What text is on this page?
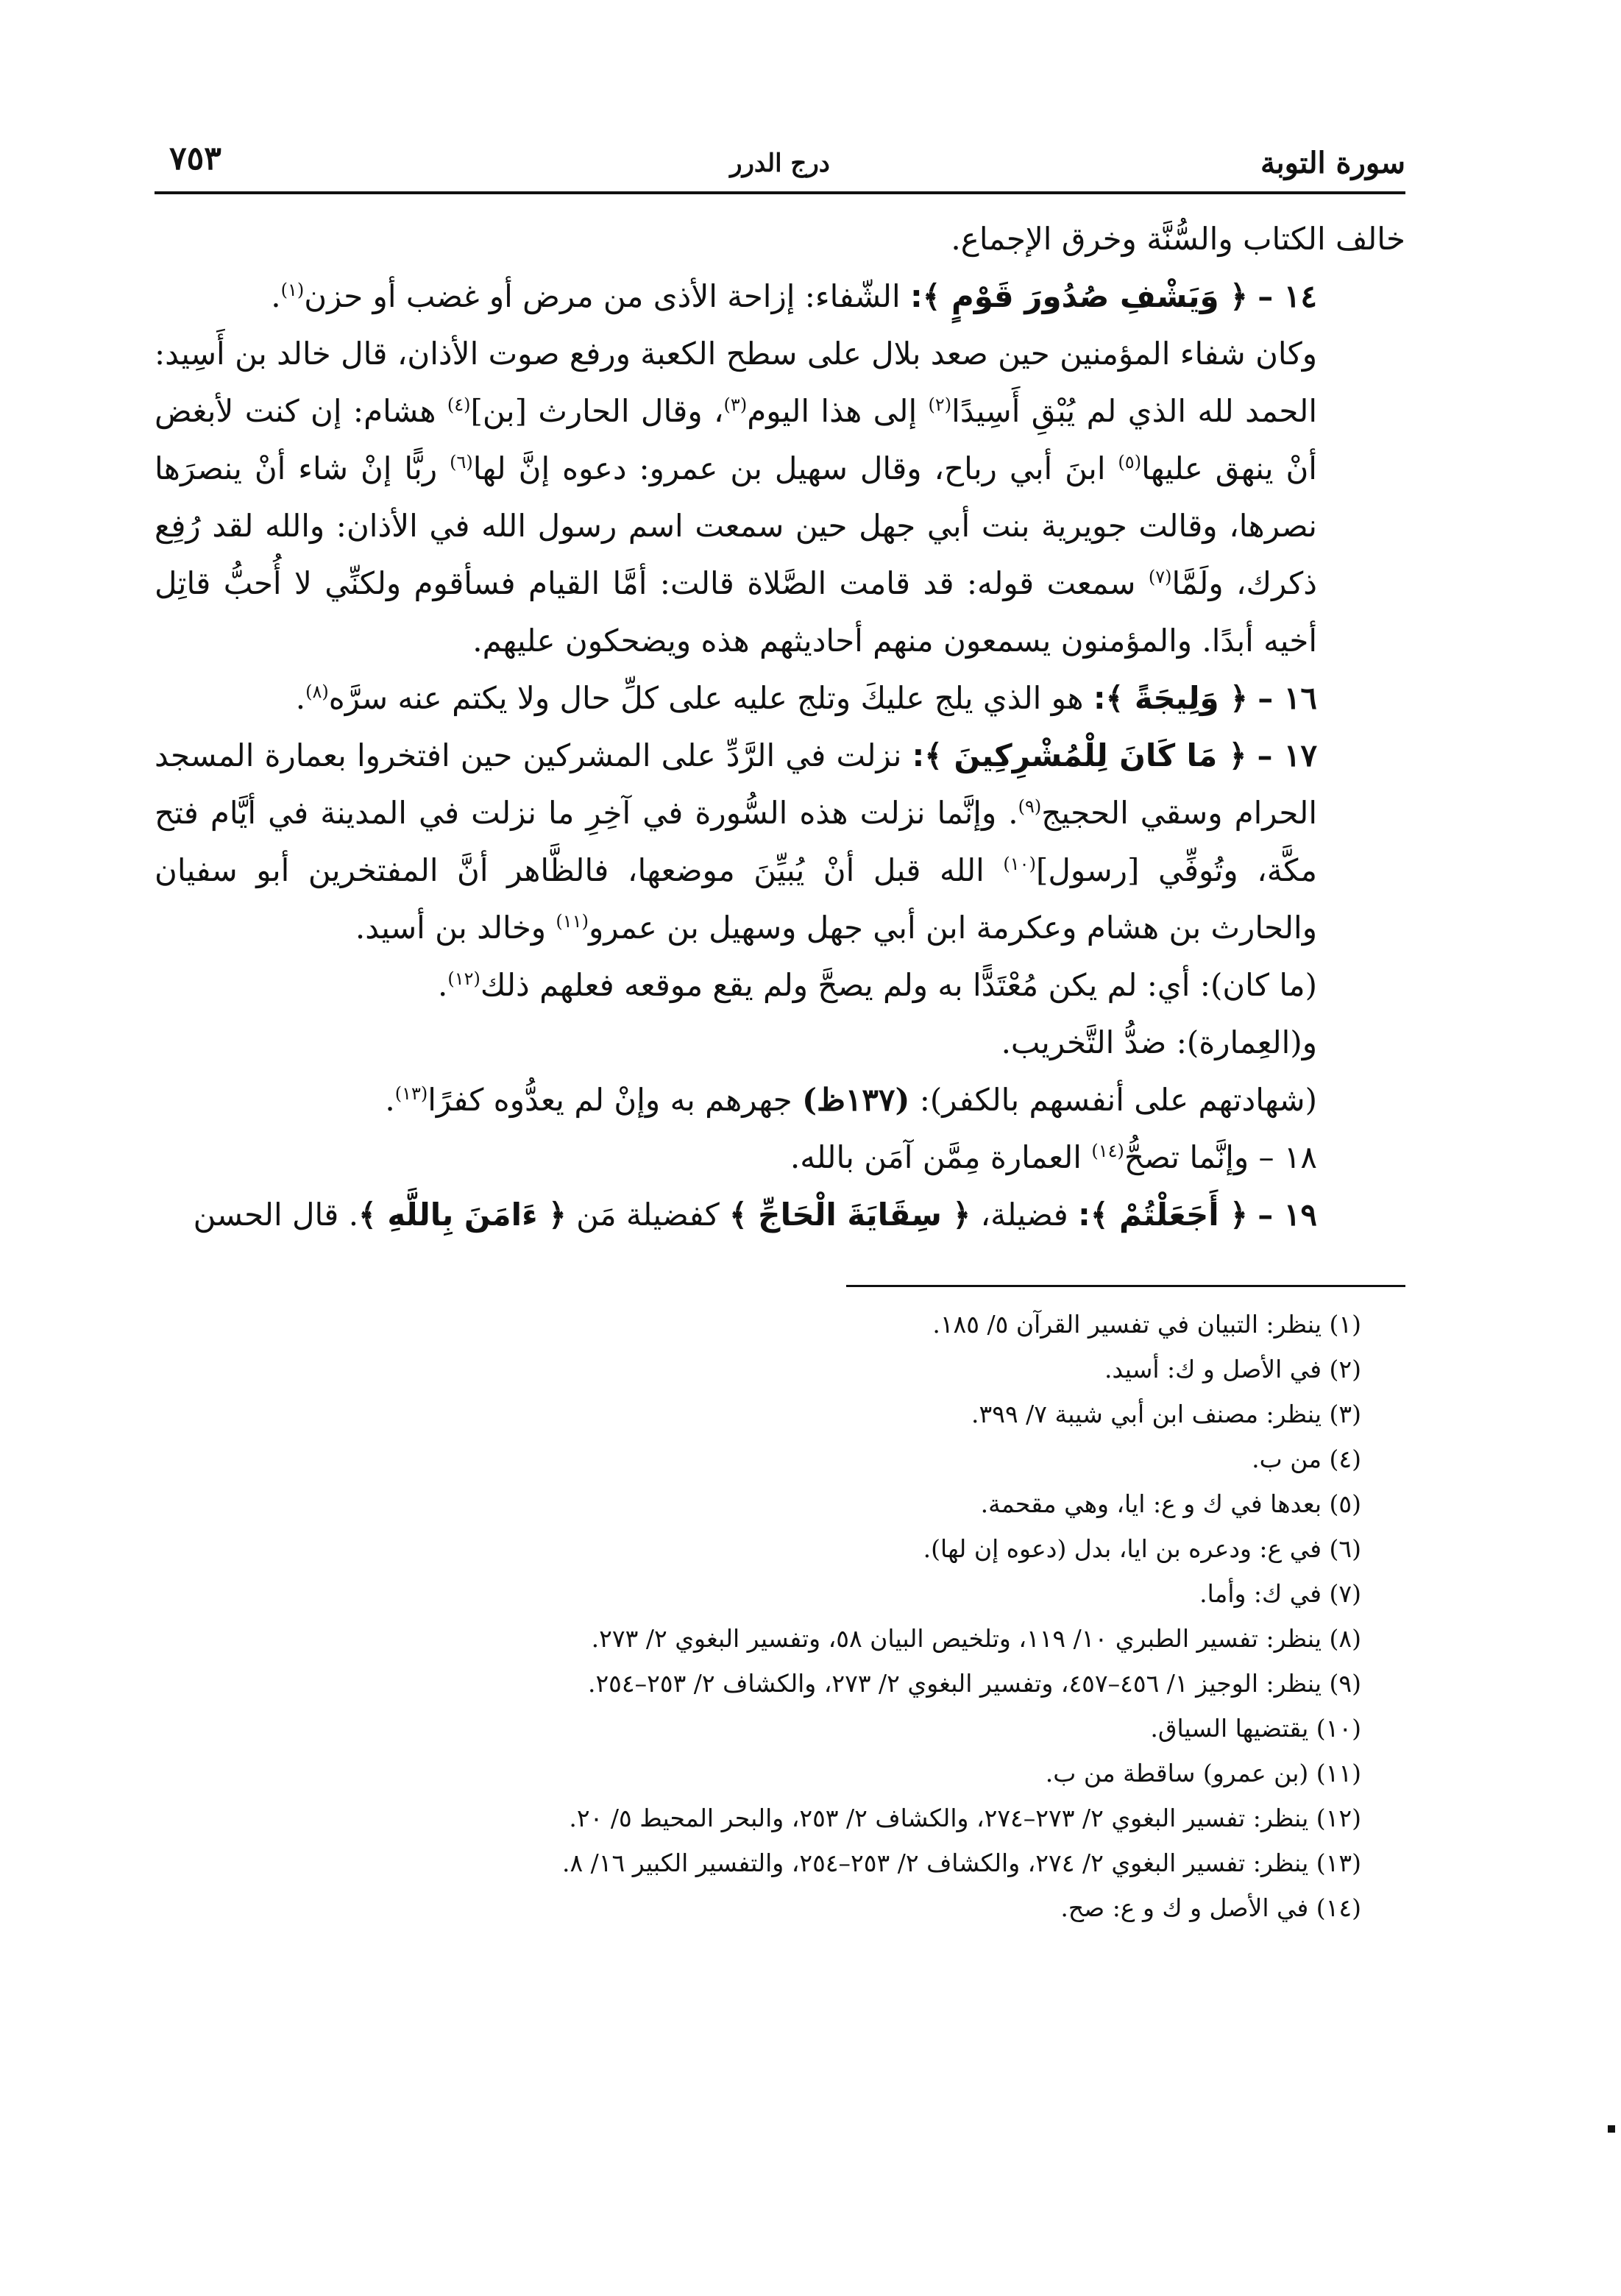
سورة التوبة
درج الدرر
٧٥٣

خالف الكتاب والسُّنَّة وخرق الإجماع.

١٤ – ﴿ وَيَشْفِ صُدُورَ قَوْمٍ ﴾: الشّفاء: إزاحة الأذى من مرض أو غضب أو حزن$^{(١)}$.

وكان شفاء المؤمنين حين صعد بلال على سطح الكعبة ورفع صوت الأذان، قال خالد بن أَسِيد: الحمد لله الذي لم يُبْقِ أَسِيدًا$^{(٢)}$ إلى هذا اليوم$^{(٣)}$، وقال الحارث [بن]$^{(٤)}$ هشام: إن كنت لأبغض أنْ ينهق عليها$^{(٥)}$ ابنَ أبي رباح، وقال سهيل بن عمرو: دعوه إنَّ لها$^{(٦)}$ ربًّا إنْ شاء أنْ ينصرَها نصرها، وقالت جويرية بنت أبي جهل حين سمعت اسم رسول الله في الأذان: والله لقد رُفِع ذكرك، ولَمَّا$^{(٧)}$ سمعت قوله: قد قامت الصَّلاة قالت: أمَّا القيام فسأقوم ولكنِّي لا أُحبُّ قاتِل أخيه أبدًا. والمؤمنون يسمعون منهم أحاديثهم هذه ويضحكون عليهم.

١٦ – ﴿ وَلِيجَةً ﴾: هو الذي يلج عليكَ وتلج عليه على كلِّ حال ولا يكتم عنه سرَّه$^{(٨)}$.

١٧ – ﴿ مَا كَانَ لِلْمُشْرِكِينَ ﴾: نزلت في الرَّدِّ على المشركين حين افتخروا بعمارة المسجد الحرام وسقي الحجيج$^{(٩)}$. وإنَّما نزلت هذه السُّورة في آخِرِ ما نزلت في المدينة في أيَّام فتح مكَّة، وتُوفِّي [رسول]$^{(١٠)}$ الله قبل أنْ يُبيِّنَ موضعها، فالظَّاهر أنَّ المفتخرين أبو سفيان والحارث بن هشام وعكرمة ابن أبي جهل وسهيل بن عمرو$^{(١١)}$ وخالد بن أسيد.

(ما كان): أي: لم يكن مُعْتَدًّا به ولم يصحَّ ولم يقع موقعه فعلهم ذلك$^{(١٢)}$.

و(العِمارة): ضدُّ التَّخريب.

(شهادتهم على أنفسهم بالكفر): (١٣٧ظ) جهرهم به وإنْ لم يعدُّوه كفرًا$^{(١٣)}$.

١٨ – وإنَّما تصحُّ$^{(١٤)}$ العمارة مِمَّن آمَن بالله.

١٩ – ﴿ أَجَعَلْتُمْ ﴾: فضيلة، ﴿ سِقَايَةَ الْحَاجِّ ﴾ كفضيلة مَن ﴿ ءَامَنَ بِاللَّهِ ﴾. قال الحسن

(١) ينظر: التبيان في تفسير القرآن ٥/ ١٨٥.
(٢) في الأصل و ك: أسيد.
(٣) ينظر: مصنف ابن أبي شيبة ٧/ ٣٩٩.
(٤) من ب.
(٥) بعدها في ك و ع: ايا، وهي مقحمة.
(٦) في ع: ودعره بن ايا، بدل (دعوه إن لها).
(٧) في ك: وأما.
(٨) ينظر: تفسير الطبري ١٠/ ١١٩، وتلخيص البيان ٥٨، وتفسير البغوي ٢/ ٢٧٣.
(٩) ينظر: الوجيز ١/ ٤٥٦–٤٥٧، وتفسير البغوي ٢/ ٢٧٣، والكشاف ٢/ ٢٥٣–٢٥٤.
(١٠) يقتضيها السياق.
(١١) (بن عمرو) ساقطة من ب.
(١٢) ينظر: تفسير البغوي ٢/ ٢٧٣–٢٧٤، والكشاف ٢/ ٢٥٣، والبحر المحيط ٥/ ٢٠.
(١٣) ينظر: تفسير البغوي ٢/ ٢٧٤، والكشاف ٢/ ٢٥٣–٢٥٤، والتفسير الكبير ١٦/ ٨.
(١٤) في الأصل و ك و ع: صح.
